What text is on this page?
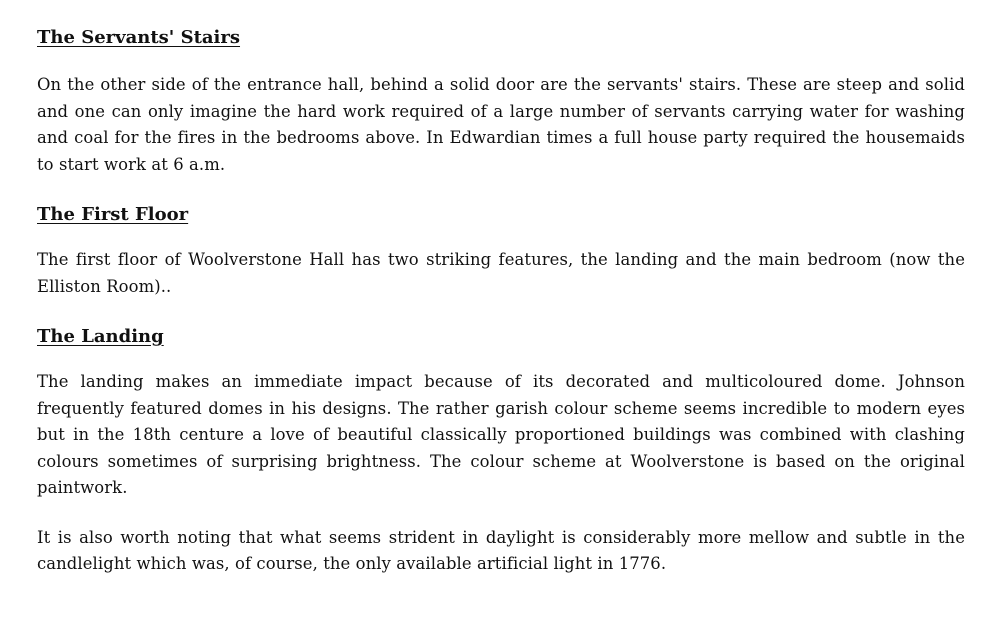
The Servants' Stairs

On the other side of the entrance hall, behind a solid door are the servants' stairs. These are steep and solid and one can only imagine the hard work required of a large number of servants carrying water for washing and coal for the fires in the bedrooms above. In Edwardian times a full house party required the housemaids to start work at 6 a.m.

The First Floor

The first floor of Woolverstone Hall has two striking features, the landing and the main bedroom (now the Elliston Room)..

The Landing

The landing makes an immediate impact because of its decorated and multicoloured dome. Johnson frequently featured domes in his designs. The rather garish colour scheme seems incredible to modern eyes but in the 18th centure a love of beautiful classically proportioned buildings was combined with clashing colours sometimes of surprising brightness. The colour scheme at Woolverstone is based on the original paintwork.

It is also worth noting that what seems strident in daylight is considerably more mellow and subtle in the candlelight which was, of course, the only available artificial light in 1776.
